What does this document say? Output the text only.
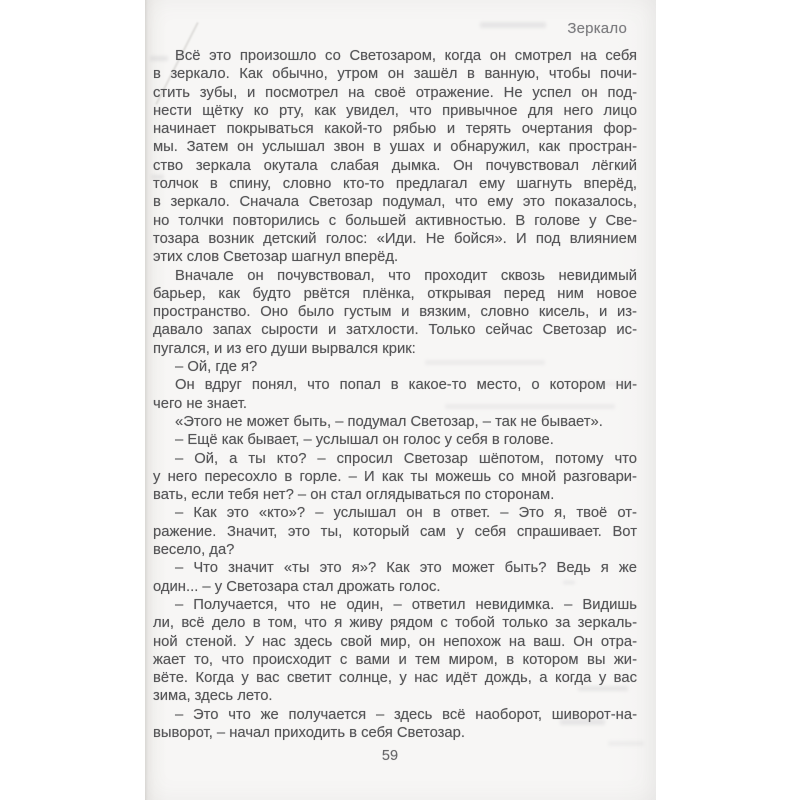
Зеркало

Всё это произошло со Светозаром, когда он смотрел на себя
в зеркало. Как обычно, утром он зашёл в ванную, чтобы почи-
стить зубы, и посмотрел на своё отражение. Не успел он под-
нести щётку ко рту, как увидел, что привычное для него лицо
начинает покрываться какой-то рябью и терять очертания фор-
мы. Затем он услышал звон в ушах и обнаружил, как простран-
ство зеркала окутала слабая дымка. Он почувствовал лёгкий
толчок в спину, словно кто-то предлагал ему шагнуть вперёд,
в зеркало. Сначала Светозар подумал, что ему это показалось,
но толчки повторились с большей активностью. В голове у Све-
тозара возник детский голос: «Иди. Не бойся». И под влиянием
этих слов Светозар шагнул вперёд.

Вначале он почувствовал, что проходит сквозь невидимый
барьер, как будто рвётся плёнка, открывая перед ним новое
пространство. Оно было густым и вязким, словно кисель, и из-
давало запах сырости и затхлости. Только сейчас Светозар ис-
пугался, и из его души вырвался крик:

– Ой, где я?

Он вдруг понял, что попал в какое-то место, о котором ни-
чего не знает.

«Этого не может быть, – подумал Светозар, – так не бывает».

– Ещё как бывает, – услышал он голос у себя в голове.

– Ой, а ты кто? – спросил Светозар шёпотом, потому что
у него пересохло в горле. – И как ты можешь со мной разговари-
вать, если тебя нет? – он стал оглядываться по сторонам.

– Как это «кто»? – услышал он в ответ. – Это я, твоё от-
ражение. Значит, это ты, который сам у себя спрашивает. Вот
весело, да?

– Что значит «ты это я»? Как это может быть? Ведь я же
один... – у Светозара стал дрожать голос.

– Получается, что не один, – ответил невидимка. – Видишь
ли, всё дело в том, что я живу рядом с тобой только за зеркаль-
ной стеной. У нас здесь свой мир, он непохож на ваш. Он отра-
жает то, что происходит с вами и тем миром, в котором вы жи-
вёте. Когда у вас светит солнце, у нас идёт дождь, а когда у вас
зима, здесь лето.

– Это что же получается – здесь всё наоборот, шиворот-на-
выворот, – начал приходить в себя Светозар.

59
